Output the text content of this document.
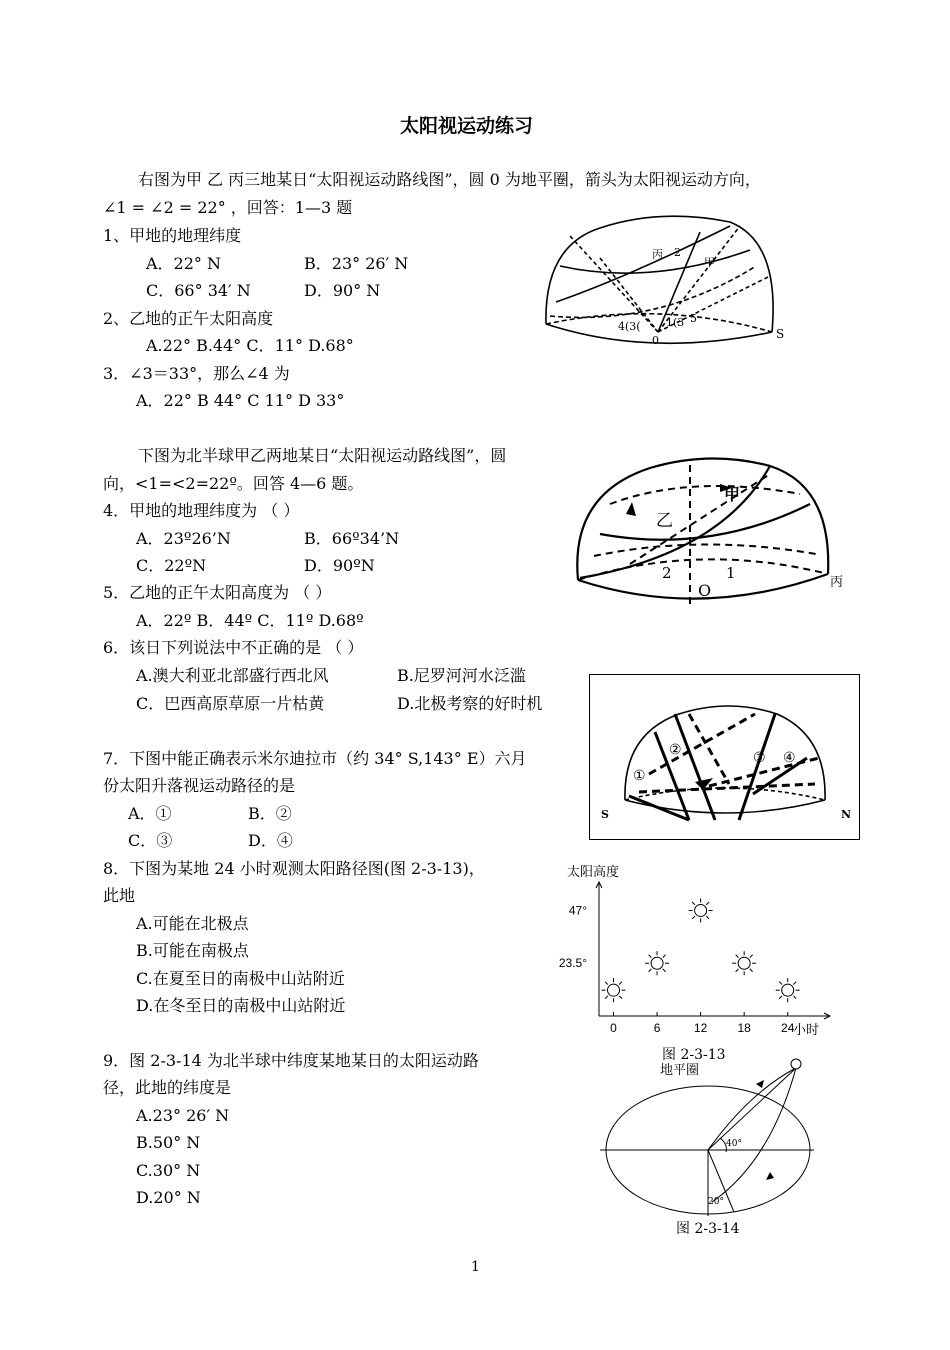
太阳视运动练习
右图为甲 乙 丙三地某日“太阳视运动路线图”，圆 0 为地平圈，箭头为太阳视运动方向，
∠1 = ∠2 = 22° ，回答：1—3 题
1、甲地的地理纬度
A．22° N	B．23° 26′ N
C．66° 34′ N	D．90° N
2、乙地的正午太阳高度
A.22° B.44° C．11° D.68°
3．∠3＝33°，那么∠4 为
A．22° B 44° C 11° D 33°
下图为北半球甲乙两地某日“太阳视运动路线图”，圆
向，<1=<2=22º。回答 4—6 题。
4．甲地的地理纬度为 （ ）
A．23º26’N	B．66º34’N
C．22ºN	D．90ºN
5．乙地的正午太阳高度为 （ ）
A．22º B．44º C．11º D.68º
6．该日下列说法中不正确的是 （ ）
A.澳大利亚北部盛行西北风	B.尼罗河河水泛滥
C．巴西高原草原一片枯黄	D.北极考察的好时机
7．下图中能正确表示米尔迪拉市（约 34° S,143° E）六月
份太阳升落视运动路径的是
A．①	B．②
C．③	D．④
8．下图为某地 24 小时观测太阳路径图(图 2-3-13)，
此地
A.可能在北极点
B.可能在南极点
C.在夏至日的南极中山站附近
D.在冬至日的南极中山站附近
9．图 2-3-14 为北半球中纬度某地某日的太阳运动路
径，此地的纬度是
A.23° 26′ N
B.50° N
C.30° N
D.20° N
丙 2
甲
4(3( 1(3 5
0	S
甲
乙
2	1
O	丙
①
②	③ ④
S	N
太阳高度
小时
0	6	12	18	24
47°
23.5°
图 2-3-13
地平圈
40°
20°
图 2-3-14
1
